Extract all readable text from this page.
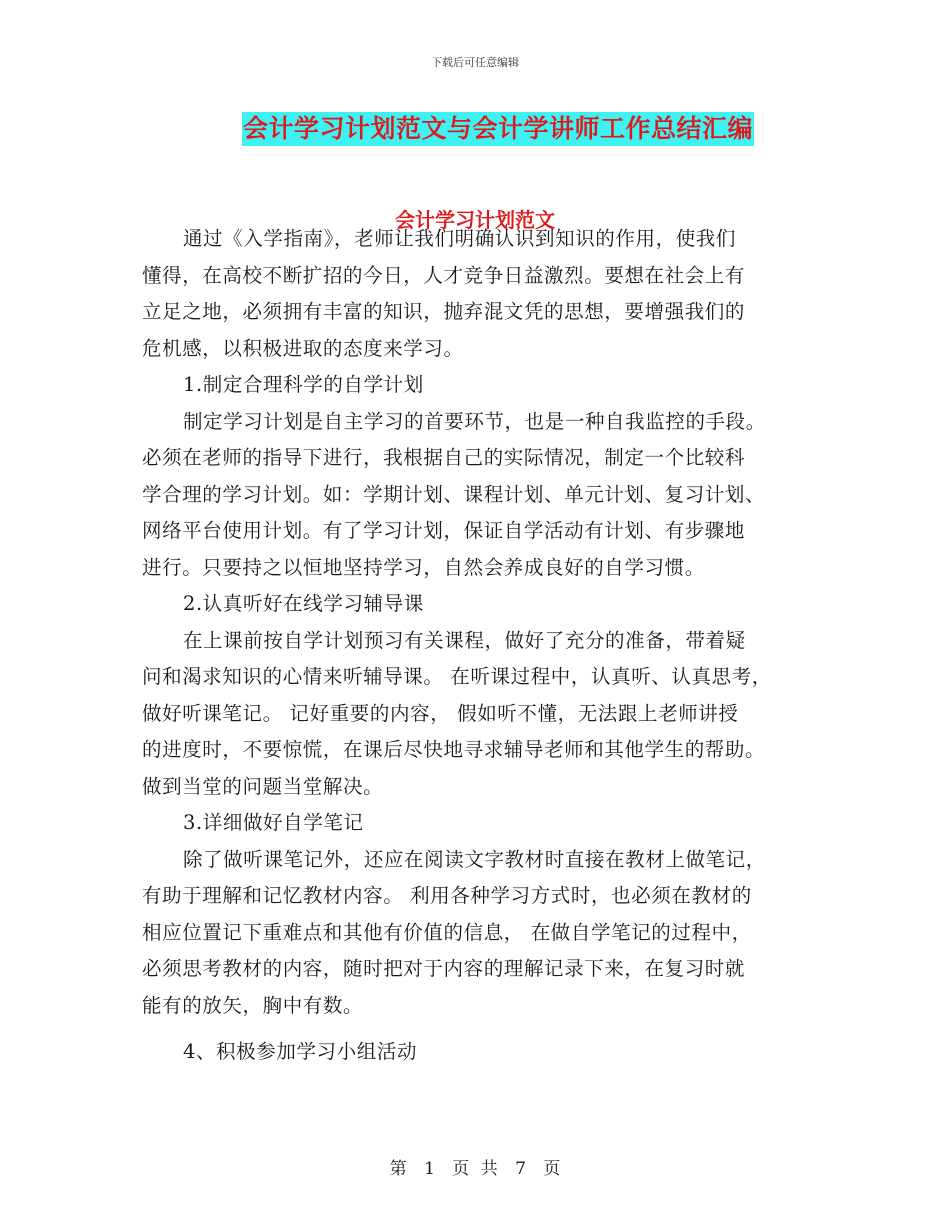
下载后可任意编辑
会计学习计划范文与会计学讲师工作总结汇编
会计学习计划范文

通过《入学指南》，老师让我们明确认识到知识的作用，使我们

懂得，在高校不断扩招的今日，人才竞争日益激烈。要想在社会上有

立足之地，必须拥有丰富的知识，抛弃混文凭的思想，要增强我们的

危机感，以积极进取的态度来学习。

1.制定合理科学的自学计划

制定学习计划是自主学习的首要环节，也是一种自我监控的手段。

必须在老师的指导下进行，我根据自己的实际情况，制定一个比较科

学合理的学习计划。如：学期计划、课程计划、单元计划、复习计划、

网络平台使用计划。有了学习计划，保证自学活动有计划、有步骤地

进行。只要持之以恒地坚持学习，自然会养成良好的自学习惯。

2.认真听好在线学习辅导课

在上课前按自学计划预习有关课程，做好了充分的准备，带着疑

问和渴求知识的心情来听辅导课。 在听课过程中，认真听、认真思考，

做好听课笔记。 记好重要的内容， 假如听不懂，无法跟上老师讲授

的进度时，不要惊慌，在课后尽快地寻求辅导老师和其他学生的帮助。

做到当堂的问题当堂解决。

3.详细做好自学笔记

除了做听课笔记外，还应在阅读文字教材时直接在教材上做笔记，

有助于理解和记忆教材内容。 利用各种学习方式时，也必须在教材的

相应位置记下重难点和其他有价值的信息， 在做自学笔记的过程中，

必须思考教材的内容，随时把对于内容的理解记录下来，在复习时就

能有的放矢，胸中有数。

4、积极参加学习小组活动

第 1 页 共 7 页
